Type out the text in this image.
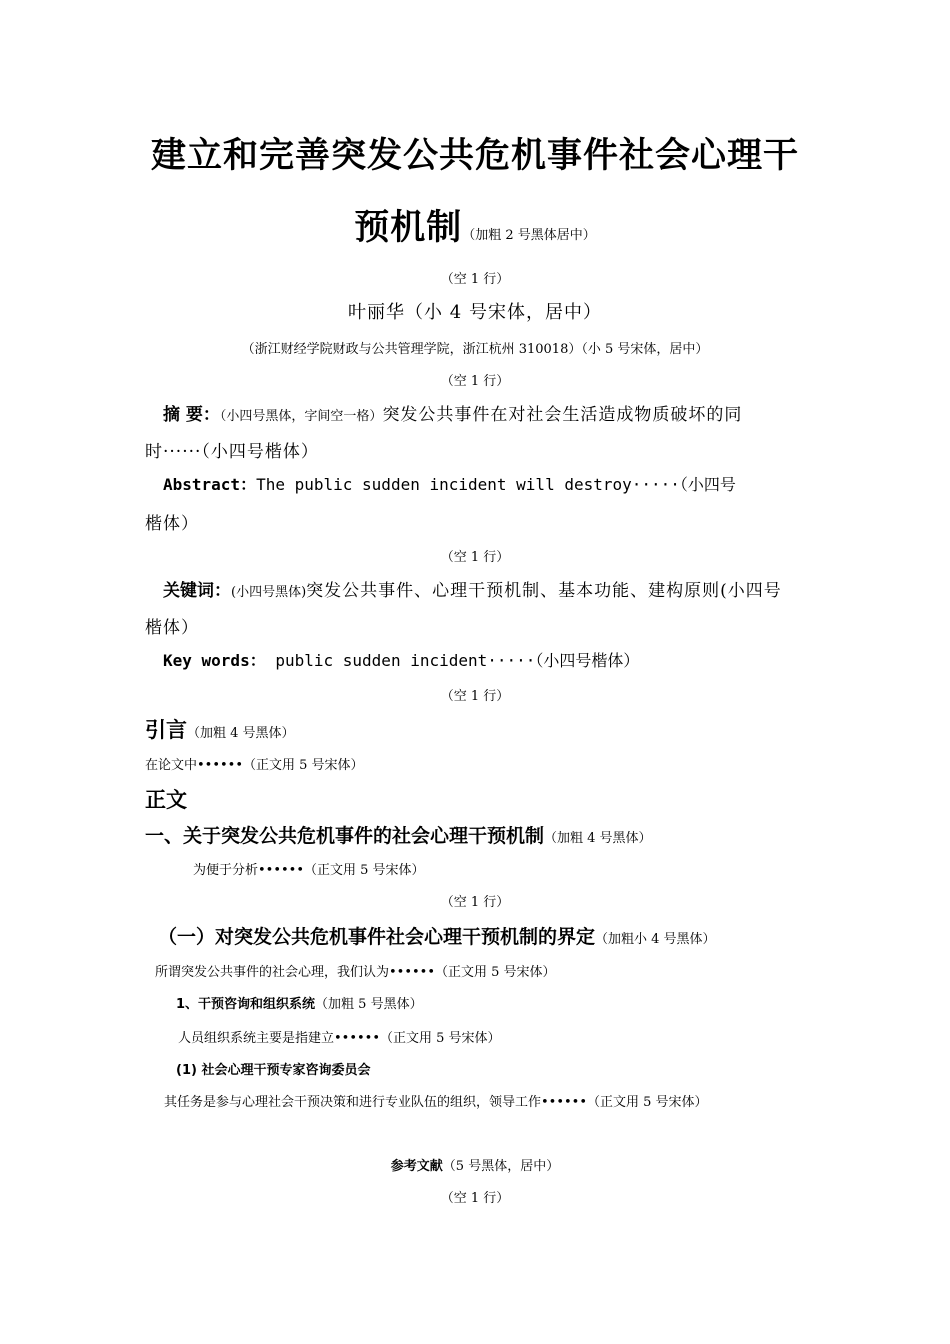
建立和完善突发公共危机事件社会心理干
预机制（加粗 2 号黑体居中）
（空 1 行）
叶丽华（小 4 号宋体，居中）
（浙江财经学院财政与公共管理学院，浙江杭州 310018）（小 5 号宋体，居中）
（空 1 行）
摘 要：（小四号黑体，字间空一格）突发公共事件在对社会生活造成物质破坏的同
时······（小四号楷体）
Abstract：The public sudden incident will destroy·····（小四号
楷体）
（空 1 行）
关键词：(小四号黑体)突发公共事件、心理干预机制、基本功能、建构原则(小四号
楷体）
Key words： public sudden incident·····（小四号楷体）
（空 1 行）
引言（加粗 4 号黑体）
在论文中••••••（正文用 5 号宋体）
正文
一、关于突发公共危机事件的社会心理干预机制（加粗 4 号黑体）
为便于分析••••••（正文用 5 号宋体）
（空 1 行）
（一）对突发公共危机事件社会心理干预机制的界定（加粗小 4 号黑体）
所谓突发公共事件的社会心理，我们认为••••••（正文用 5 号宋体）
1、干预咨询和组织系统（加粗 5 号黑体）
人员组织系统主要是指建立••••••（正文用 5 号宋体）
(1) 社会心理干预专家咨询委员会
其任务是参与心理社会干预决策和进行专业队伍的组织，领导工作••••••（正文用 5 号宋体）
参考文献（5 号黑体，居中）
（空 1 行）
